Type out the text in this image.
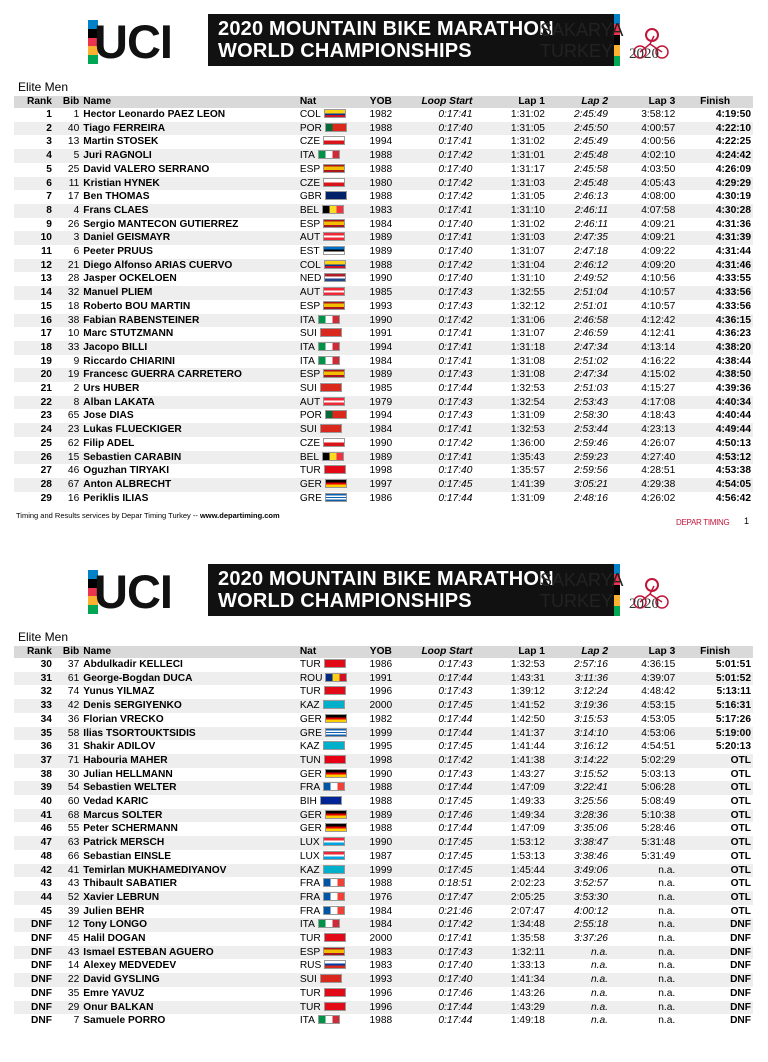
UCI 2020 MOUNTAIN BIKE MARATHON
WORLD CHAMPIONSHIPS
SAKARYA
TURKEY	2020
Elite Men
Rank	Bib	Name	Nat	YOB	Loop Start	Lap 1	Lap 2	Lap 3	Finish
1	1	Hector Leonardo PAEZ LEON	COL	1982	0:17:41	1:31:02	2:45:49	3:58:12	4:19:50
2	40	Tiago FERREIRA	POR	1988	0:17:40	1:31:05	2:45:50	4:00:57	4:22:10
3	13	Martin STOSEK	CZE	1994	0:17:41	1:31:02	2:45:49	4:00:56	4:22:25
4	5	Juri RAGNOLI	ITA	1988	0:17:42	1:31:01	2:45:48	4:02:10	4:24:42
5	25	David VALERO SERRANO	ESP	1988	0:17:40	1:31:17	2:45:58	4:03:50	4:26:09
6	11	Kristian HYNEK	CZE	1980	0:17:42	1:31:03	2:45:48	4:05:43	4:29:29
7	17	Ben THOMAS	GBR	1988	0:17:42	1:31:05	2:46:13	4:08:00	4:30:19
8	4	Frans CLAES	BEL	1983	0:17:41	1:31:10	2:46:11	4:07:58	4:30:28
9	26	Sergio MANTECON GUTIERREZ	ESP	1984	0:17:40	1:31:02	2:46:11	4:09:21	4:31:36
10	3	Daniel GEISMAYR	AUT	1989	0:17:41	1:31:03	2:47:35	4:09:21	4:31:39
11	6	Peeter PRUUS	EST	1989	0:17:40	1:31:07	2:47:18	4:09:22	4:31:44
12	21	Diego Alfonso ARIAS CUERVO	COL	1988	0:17:42	1:31:04	2:46:12	4:09:20	4:31:46
13	28	Jasper OCKELOEN	NED	1990	0:17:40	1:31:10	2:49:52	4:10:56	4:33:55
14	32	Manuel PLIEM	AUT	1985	0:17:43	1:32:55	2:51:04	4:10:57	4:33:56
15	18	Roberto BOU MARTIN	ESP	1993	0:17:43	1:32:12	2:51:01	4:10:57	4:33:56
16	38	Fabian RABENSTEINER	ITA	1990	0:17:42	1:31:06	2:46:58	4:12:42	4:36:15
17	10	Marc STUTZMANN	SUI	1991	0:17:41	1:31:07	2:46:59	4:12:41	4:36:23
18	33	Jacopo BILLI	ITA	1994	0:17:41	1:31:18	2:47:34	4:13:14	4:38:20
19	9	Riccardo CHIARINI	ITA	1984	0:17:41	1:31:08	2:51:02	4:16:22	4:38:44
20	19	Francesc GUERRA CARRETERO	ESP	1989	0:17:43	1:31:08	2:47:34	4:15:02	4:38:50
21	2	Urs HUBER	SUI	1985	0:17:44	1:32:53	2:51:03	4:15:27	4:39:36
22	8	Alban LAKATA	AUT	1979	0:17:43	1:32:54	2:53:43	4:17:08	4:40:34
23	65	Jose DIAS	POR	1994	0:17:43	1:31:09	2:58:30	4:18:43	4:40:44
24	23	Lukas FLUECKIGER	SUI	1984	0:17:41	1:32:53	2:53:44	4:23:13	4:49:44
25	62	Filip ADEL	CZE	1990	0:17:42	1:36:00	2:59:46	4:26:07	4:50:13
26	15	Sebastien CARABIN	BEL	1989	0:17:41	1:35:43	2:59:23	4:27:40	4:53:12
27	46	Oguzhan TIRYAKI	TUR	1998	0:17:40	1:35:57	2:59:56	4:28:51	4:53:38
28	67	Anton ALBRECHT	GER	1997	0:17:45	1:41:39	3:05:21	4:29:38	4:54:05
29	16	Periklis ILIAS	GRE	1986	0:17:44	1:31:09	2:48:16	4:26:02	4:56:42
Timing and Results services by Depar Timing Turkey -- www.departiming.com
DEPAR TIMING 1
UCI 2020 MOUNTAIN BIKE MARATHON
WORLD CHAMPIONSHIPS
SAKARYA
TURKEY	2020
Elite Men
Rank	Bib	Name	Nat	YOB	Loop Start	Lap 1	Lap 2	Lap 3	Finish
30	37	Abdulkadir KELLECI	TUR	1986	0:17:43	1:32:53	2:57:16	4:36:15	5:01:51
31	61	George-Bogdan DUCA	ROU	1991	0:17:44	1:43:31	3:11:36	4:39:07	5:01:52
32	74	Yunus YILMAZ	TUR	1996	0:17:43	1:39:12	3:12:24	4:48:42	5:13:11
33	42	Denis SERGIYENKO	KAZ	2000	0:17:45	1:41:52	3:19:36	4:53:15	5:16:31
34	36	Florian VRECKO	GER	1982	0:17:44	1:42:50	3:15:53	4:53:05	5:17:26
35	58	Ilias TSORTOUKTSIDIS	GRE	1999	0:17:44	1:41:37	3:14:10	4:53:06	5:19:00
36	31	Shakir ADILOV	KAZ	1995	0:17:45	1:41:44	3:16:12	4:54:51	5:20:13
37	71	Habouria MAHER	TUN	1998	0:17:42	1:41:38	3:14:22	5:02:29	OTL
38	30	Julian HELLMANN	GER	1990	0:17:43	1:43:27	3:15:52	5:03:13	OTL
39	54	Sebastien WELTER	FRA	1988	0:17:44	1:47:09	3:22:41	5:06:28	OTL
40	60	Vedad KARIC	BIH	1988	0:17:45	1:49:33	3:25:56	5:08:49	OTL
41	68	Marcus SOLTER	GER	1989	0:17:46	1:49:34	3:28:36	5:10:38	OTL
46	55	Peter SCHERMANN	GER	1988	0:17:44	1:47:09	3:35:06	5:28:46	OTL
47	63	Patrick MERSCH	LUX	1990	0:17:45	1:53:12	3:38:47	5:31:48	OTL
48	66	Sebastian EINSLE	LUX	1987	0:17:45	1:53:13	3:38:46	5:31:49	OTL
42	41	Temirlan MUKHAMEDIYANOV	KAZ	1999	0:17:45	1:45:44	3:49:06	n.a.	OTL
43	43	Thibault SABATIER	FRA	1988	0:18:51	2:02:23	3:52:57	n.a.	OTL
44	52	Xavier LEBRUN	FRA	1976	0:17:47	2:05:25	3:53:30	n.a.	OTL
45	39	Julien BEHR	FRA	1984	0:21:46	2:07:47	4:00:12	n.a.	OTL
DNF	12	Tony LONGO	ITA	1984	0:17:42	1:34:48	2:55:18	n.a.	DNF
DNF	45	Halil DOGAN	TUR	2000	0:17:41	1:35:58	3:37:26	n.a.	DNF
DNF	43	Ismael ESTEBAN AGUERO	ESP	1983	0:17:43	1:32:11	n.a.	n.a.	DNF
DNF	14	Alexey MEDVEDEV	RUS	1983	0:17:40	1:33:13	n.a.	n.a.	DNF
DNF	22	David GYSLING	SUI	1993	0:17:40	1:41:34	n.a.	n.a.	DNF
DNF	35	Emre YAVUZ	TUR	1996	0:17:46	1:43:26	n.a.	n.a.	DNF
DNF	29	Onur BALKAN	TUR	1996	0:17:44	1:43:29	n.a.	n.a.	DNF
DNF	7	Samuele PORRO	ITA	1988	0:17:44	1:49:18	n.a.	n.a.	DNF
